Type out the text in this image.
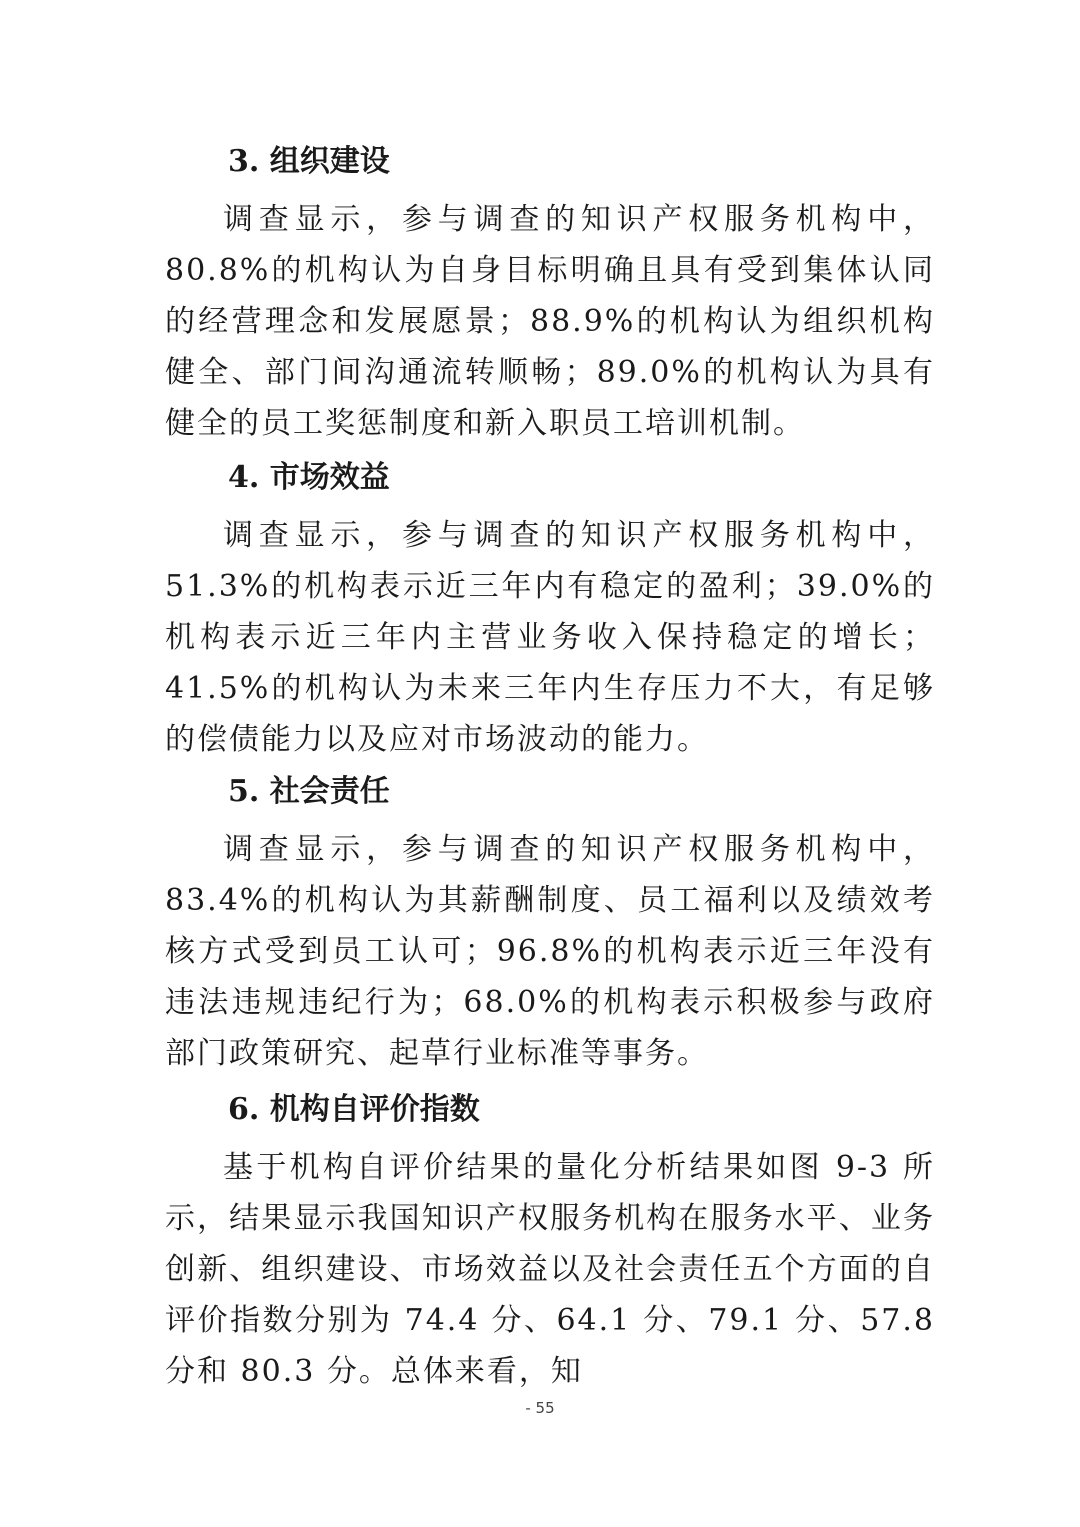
3. 组织建设
调查显示，参与调查的知识产权服务机构中，80.8%的机构认为自身目标明确且具有受到集体认同的经营理念和发展愿景；88.9%的机构认为组织机构健全、部门间沟通流转顺畅；89.0%的机构认为具有健全的员工奖惩制度和新入职员工培训机制。
4. 市场效益
调查显示，参与调查的知识产权服务机构中，51.3%的机构表示近三年内有稳定的盈利；39.0%的机构表示近三年内主营业务收入保持稳定的增长；41.5%的机构认为未来三年内生存压力不大，有足够的偿债能力以及应对市场波动的能力。
5. 社会责任
调查显示，参与调查的知识产权服务机构中，83.4%的机构认为其薪酬制度、员工福利以及绩效考核方式受到员工认可；96.8%的机构表示近三年没有违法违规违纪行为；68.0%的机构表示积极参与政府部门政策研究、起草行业标准等事务。
6. 机构自评价指数
基于机构自评价结果的量化分析结果如图 9-3 所示，结果显示我国知识产权服务机构在服务水平、业务创新、组织建设、市场效益以及社会责任五个方面的自评价指数分别为 74.4 分、64.1 分、79.1 分、57.8 分和 80.3 分。总体来看，知
- 55
